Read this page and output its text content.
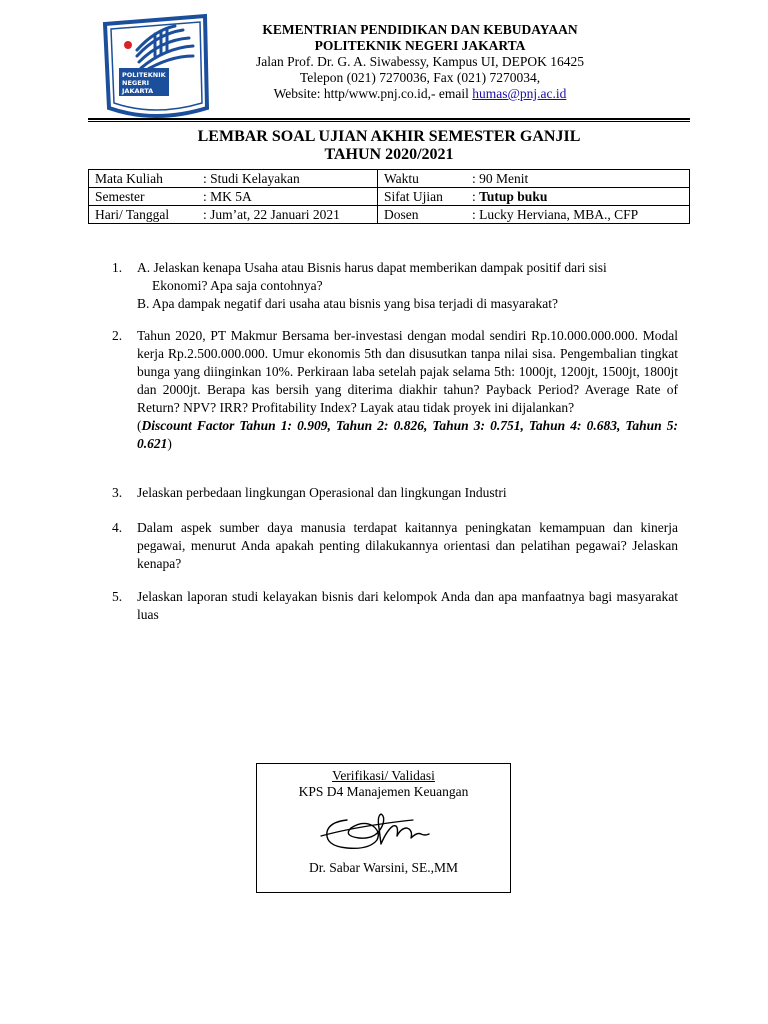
POLITEKNIK
NEGERI
JAKARTA
KEMENTRIAN PENDIDIKAN DAN KEBUDAYAAN
POLITEKNIK NEGERI JAKARTA
Jalan Prof. Dr. G. A. Siwabessy, Kampus UI, DEPOK 16425
Telepon (021) 7270036, Fax (021) 7270034,
Website: http/www.pnj.co.id,- email humas@pnj.ac.id
LEMBAR SOAL UJIAN AKHIR SEMESTER GANJIL
TAHUN 2020/2021
Mata Kuliah	: Studi Kelayakan	Waktu	: 90 Menit
Semester	: MK 5A	Sifat Ujian	: Tutup buku
Hari/ Tanggal	: Jum’at, 22 Januari 2021	Dosen	: Lucky Herviana, MBA., CFP
1. A. Jelaskan kenapa Usaha atau Bisnis harus dapat memberikan dampak positif dari sisi
Ekonomi? Apa saja contohnya?
B. Apa dampak negatif dari usaha atau bisnis yang bisa terjadi di masyarakat?
2. Tahun 2020, PT Makmur Bersama ber-investasi dengan modal sendiri Rp.10.000.000.000. Modal kerja Rp.2.500.000.000. Umur ekonomis 5th dan disusutkan tanpa nilai sisa. Pengembalian tingkat bunga yang diinginkan 10%. Perkiraan laba setelah pajak selama 5th: 1000jt, 1200jt, 1500jt, 1800jt dan 2000jt. Berapa kas bersih yang diterima diakhir tahun? Payback Period? Average Rate of Return? NPV? IRR? Profitability Index? Layak atau tidak proyek ini dijalankan?
(Discount Factor Tahun 1: 0.909, Tahun 2: 0.826, Tahun 3: 0.751, Tahun 4: 0.683, Tahun 5: 0.621)
3. Jelaskan perbedaan lingkungan Operasional dan lingkungan Industri
4. Dalam aspek sumber daya manusia terdapat kaitannya peningkatan kemampuan dan kinerja pegawai, menurut Anda apakah penting dilakukannya orientasi dan pelatihan pegawai? Jelaskan kenapa?
5. Jelaskan laporan studi kelayakan bisnis dari kelompok Anda dan apa manfaatnya bagi masyarakat luas
Verifikasi/ Validasi
KPS D4 Manajemen Keuangan
Dr. Sabar Warsini, SE.,MM
